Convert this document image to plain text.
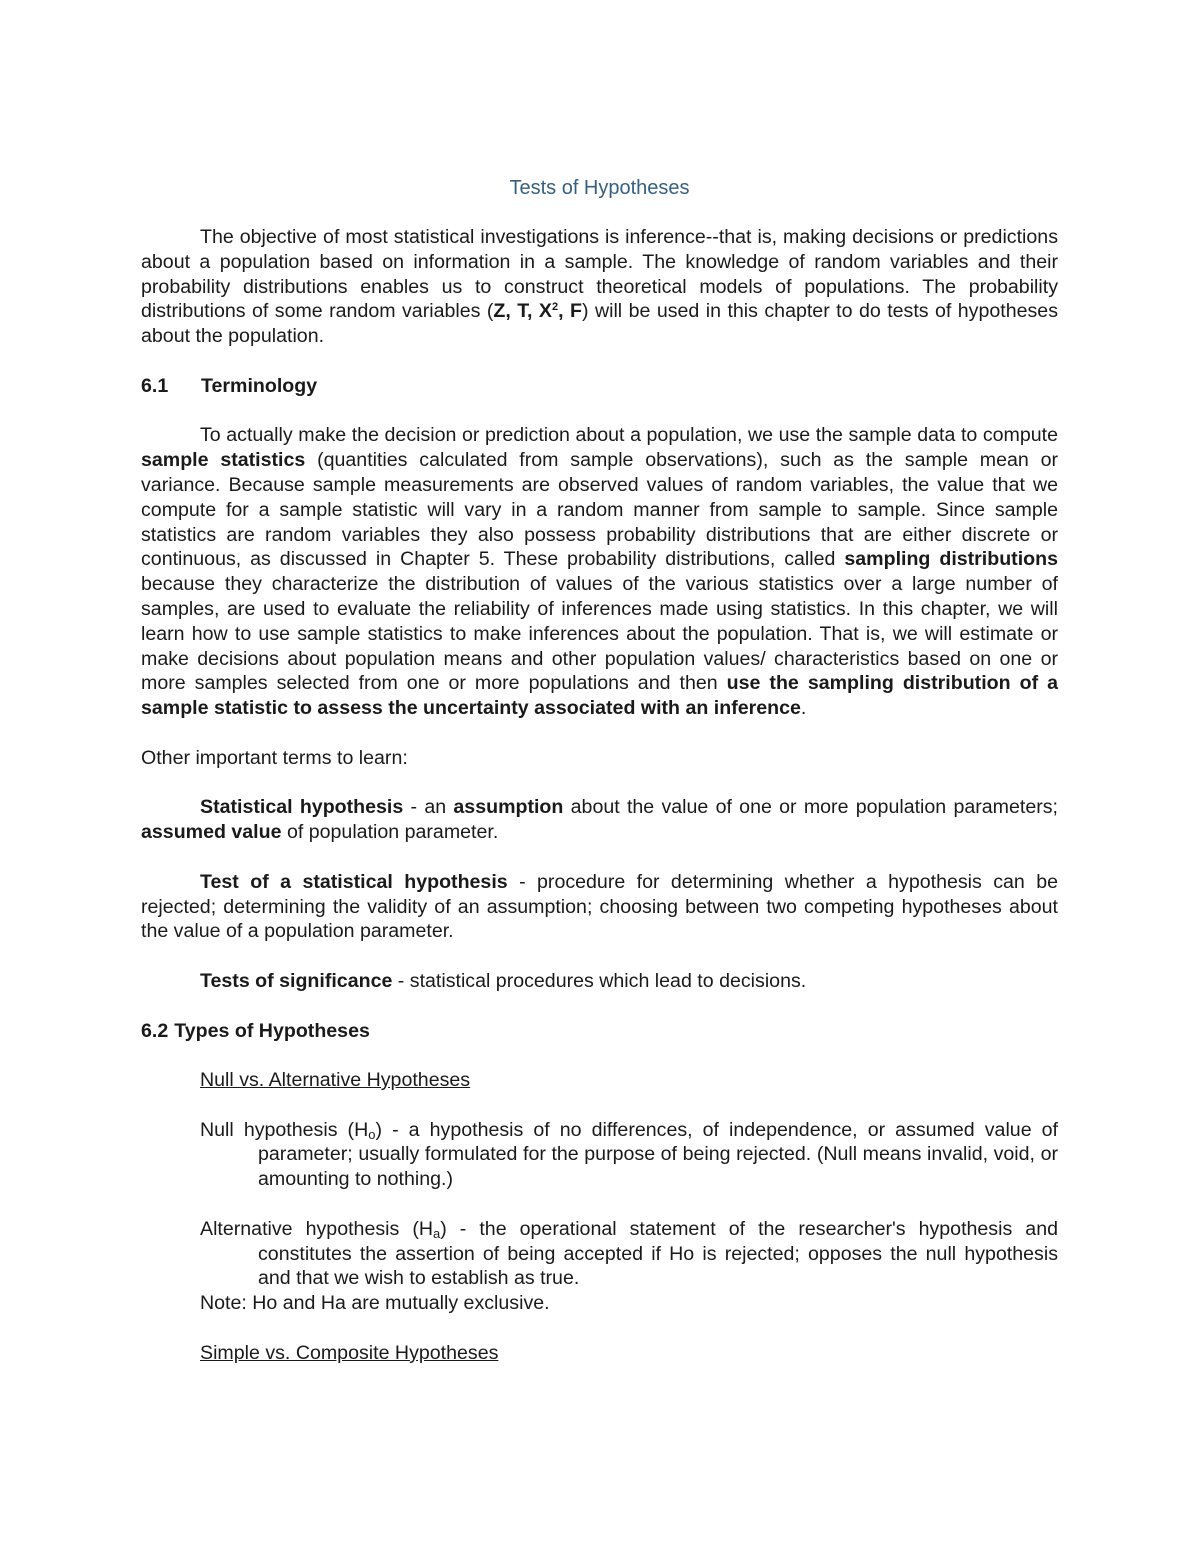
Tests of Hypotheses

The objective of most statistical investigations is inference--that is, making decisions or predictions about a population based on information in a sample. The knowledge of random variables and their probability distributions enables us to construct theoretical models of populations. The probability distributions of some random variables (Z, T, $X^2$, F) will be used in this chapter to do tests of hypotheses about the population.

6.1 Terminology

To actually make the decision or prediction about a population, we use the sample data to compute sample statistics (quantities calculated from sample observations), such as the sample mean or variance. Because sample measurements are observed values of random variables, the value that we compute for a sample statistic will vary in a random manner from sample to sample. Since sample statistics are random variables they also possess probability distributions that are either discrete or continuous, as discussed in Chapter 5. These probability distributions, called sampling distributions because they characterize the distribution of values of the various statistics over a large number of samples, are used to evaluate the reliability of inferences made using statistics. In this chapter, we will learn how to use sample statistics to make inferences about the population. That is, we will estimate or make decisions about population means and other population values/ characteristics based on one or more samples selected from one or more populations and then use the sampling distribution of a sample statistic to assess the uncertainty associated with an inference.

Other important terms to learn:

Statistical hypothesis - an assumption about the value of one or more population parameters; assumed value of population parameter.

Test of a statistical hypothesis - procedure for determining whether a hypothesis can be rejected; determining the validity of an assumption; choosing between two competing hypotheses about the value of a population parameter.

Tests of significance - statistical procedures which lead to decisions.

6.2 Types of Hypotheses
Null vs. Alternative Hypotheses
Null hypothesis $(H_o)$ - a hypothesis of no differences, of independence, or assumed value of parameter; usually formulated for the purpose of being rejected. (Null means invalid, void, or amounting to nothing.)
Alternative hypothesis $(H_a)$ - the operational statement of the researcher's hypothesis and constitutes the assertion of being accepted if Ho is rejected; opposes the null hypothesis and that we wish to establish as true.
Note: Ho and Ha are mutually exclusive.
Simple vs. Composite Hypotheses
